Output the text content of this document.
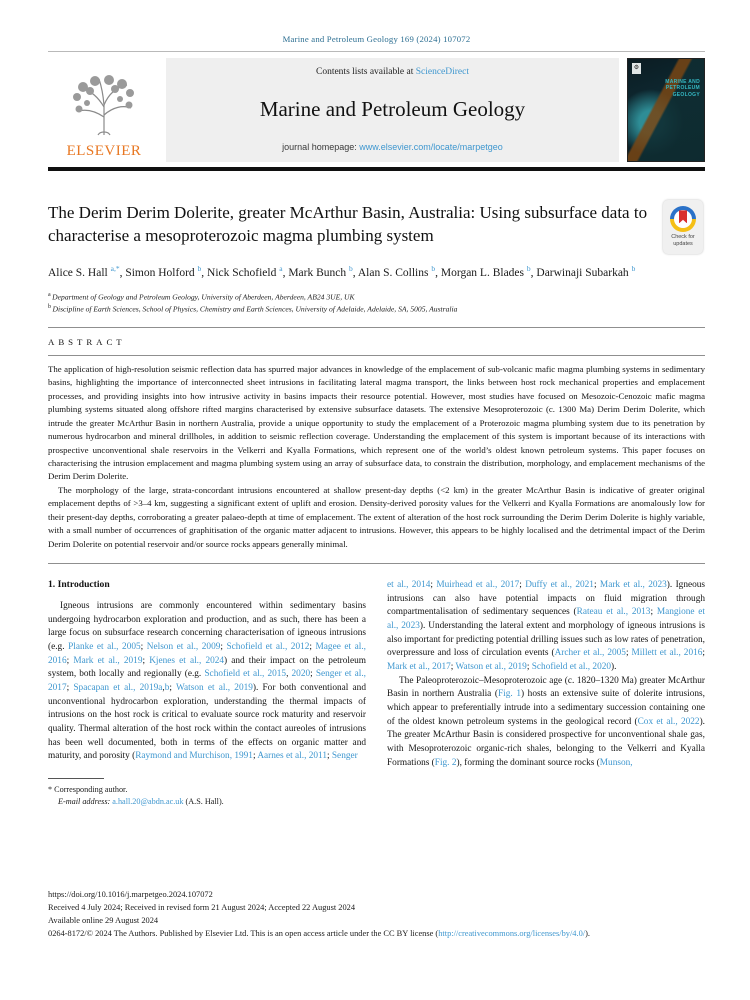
Marine and Petroleum Geology 169 (2024) 107072
ELSEVIER
Contents lists available at ScienceDirect
Marine and Petroleum Geology
journal homepage: www.elsevier.com/locate/marpetgeo
⚙
MARINE AND PETROLEUM GEOLOGY
The Derim Derim Dolerite, greater McArthur Basin, Australia: Using subsurface data to characterise a mesoproterozoic magma plumbing system	Check for updates
Alice S. Hall $^{a,*}$, Simon Holford $^b$, Nick Schofield $^a$, Mark Bunch $^b$, Alan S. Collins $^b$, Morgan L. Blades $^b$, Darwinaji Subarkah $^b$
$^a$ Department of Geology and Petroleum Geology, University of Aberdeen, Aberdeen, AB24 3UE, UK
$^b$ Discipline of Earth Sciences, School of Physics, Chemistry and Earth Sciences, University of Adelaide, Adelaide, SA, 5005, Australia
ABSTRACT

The application of high-resolution seismic reflection data has spurred major advances in knowledge of the emplacement of sub-volcanic mafic magma plumbing systems in sedimentary basins, highlighting the importance of interconnected sheet intrusions in facilitating lateral magma transport, the links between host rock mechanical properties and emplacement processes, and providing insights into how intrusive activity in basins impacts their resource potential. However, most studies have focused on Mesozoic-Cenozoic mafic magma plumbing systems situated along offshore rifted margins characterised by extensive subsurface datasets. The extensive Mesoproterozoic (c. 1300 Ma) Derim Derim Dolerite, which intrude the greater McArthur Basin in northern Australia, provide a unique opportunity to study the emplacement of a Proterozoic magma plumbing system due to its penetration by numerous hydrocarbon and mineral drillholes, in addition to seismic reflection coverage. Understanding the emplacement of this system is important because of its interactions with prospective unconventional shale reservoirs in the Velkerri and Kyalla Formations, which represent one of the world’s oldest known petroleum systems. This paper focuses on characterising the intrusion emplacement and magma plumbing system using an array of subsurface data, to constrain the distribution, morphology, and emplacement mechanisms of the Derim Derim Dolerite.

The morphology of the large, strata-concordant intrusions encountered at shallow present-day depths (<2 km) in the greater McArthur Basin is indicative of greater original emplacement depths of >3–4 km, suggesting a significant extent of uplift and erosion. Density-derived porosity values for the Velkerri and Kyalla Formations are anomalously low for their present-day depths, corroborating a greater palaeo-depth at time of emplacement. The extent of alteration of the host rock surrounding the Derim Derim Dolerite is highly variable, with a small number of occurrences of graphitisation of the organic matter adjacent to intrusions. However, this appears to be highly localised and the detrimental impact of the Derim Derim Dolerite on potential reservoir and/or source rocks appears generally minimal.

1. Introduction

Igneous intrusions are commonly encountered within sedimentary basins undergoing hydrocarbon exploration and production, and as such, there has been a large focus on subsurface research concerning characterisation of igneous intrusions (e.g. Planke et al., 2005; Nelson et al., 2009; Schofield et al., 2012; Magee et al., 2016; Mark et al., 2019; Kjenes et al., 2024) and their impact on the petroleum system, both locally and regionally (e.g. Schofield et al., 2015, 2020; Senger et al., 2017; Spacapan et al., 2019a,b; Watson et al., 2019). For both conventional and unconventional hydrocarbon exploration, understanding the thermal impacts of intrusions on the host rock is critical to evaluate source rock maturity and reservoir quality. Thermal alteration of the host rock within the contact aureoles of intrusions has been well documented, both in terms of the effects on organic matter and maturity, and porosity (Raymond and Murchison, 1991; Aarnes et al., 2011; Senger

* Corresponding author.
E-mail address: a.hall.20@abdn.ac.uk (A.S. Hall).

et al., 2014; Muirhead et al., 2017; Duffy et al., 2021; Mark et al., 2023). Igneous intrusions can also have potential impacts on fluid migration through compartmentalisation of sedimentary sequences (Rateau et al., 2013; Mangione et al., 2023). Understanding the lateral extent and morphology of igneous intrusions is also important for predicting potential drilling issues such as low rates of penetration, overpressure and loss of circulation events (Archer et al., 2005; Millett et al., 2016; Mark et al., 2017; Watson et al., 2019; Schofield et al., 2020).

The Paleoproterozoic–Mesoproterozoic age (c. 1820–1320 Ma) greater McArthur Basin in northern Australia (Fig. 1) hosts an extensive suite of dolerite intrusions, which appear to preferentially intrude into a sedimentary succession containing one of the oldest known petroleum systems in the geological record (Cox et al., 2022). The greater McArthur Basin is considered prospective for unconventional shale gas, with Mesoproterozoic organic-rich shales, belonging to the Velkerri and Kyalla Formations (Fig. 2), forming the dominant source rocks (Munson,

https://doi.org/10.1016/j.marpetgeo.2024.107072
Received 4 July 2024; Received in revised form 21 August 2024; Accepted 22 August 2024
Available online 29 August 2024
0264-8172/© 2024 The Authors. Published by Elsevier Ltd. This is an open access article under the CC BY license (http://creativecommons.org/licenses/by/4.0/).
